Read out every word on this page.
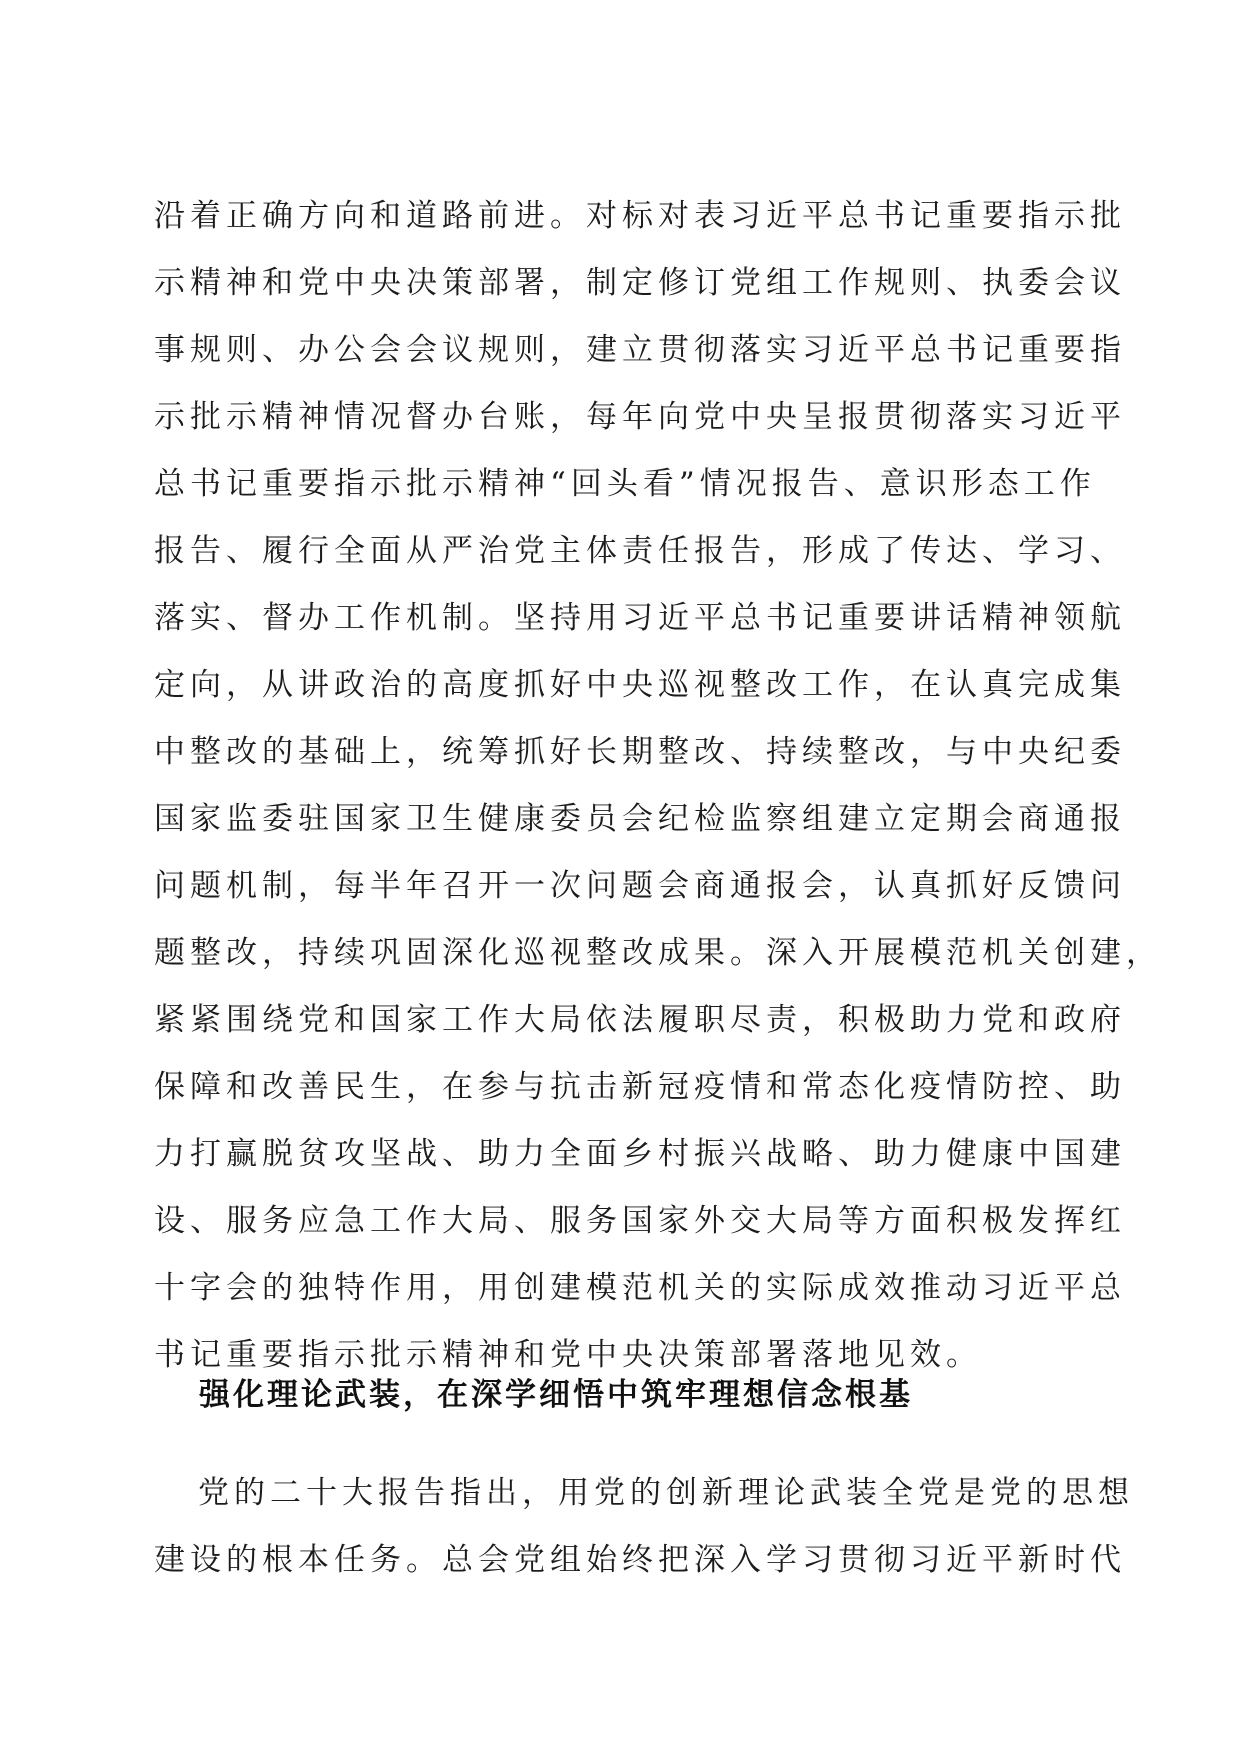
沿着正确方向和道路前进。对标对表习近平总书记重要指示批
示精神和党中央决策部署，制定修订党组工作规则、执委会议
事规则、办公会会议规则，建立贯彻落实习近平总书记重要指
示批示精神情况督办台账，每年向党中央呈报贯彻落实习近平
总书记重要指示批示精神“回头看”情况报告、意识形态工作
报告、履行全面从严治党主体责任报告，形成了传达、学习、
落实、督办工作机制。坚持用习近平总书记重要讲话精神领航
定向，从讲政治的高度抓好中央巡视整改工作，在认真完成集
中整改的基础上，统筹抓好长期整改、持续整改，与中央纪委
国家监委驻国家卫生健康委员会纪检监察组建立定期会商通报
问题机制，每半年召开一次问题会商通报会，认真抓好反馈问
题整改，持续巩固深化巡视整改成果。深入开展模范机关创建，
紧紧围绕党和国家工作大局依法履职尽责，积极助力党和政府
保障和改善民生，在参与抗击新冠疫情和常态化疫情防控、助
力打赢脱贫攻坚战、助力全面乡村振兴战略、助力健康中国建
设、服务应急工作大局、服务国家外交大局等方面积极发挥红
十字会的独特作用，用创建模范机关的实际成效推动习近平总
书记重要指示批示精神和党中央决策部署落地见效。
强化理论武装，在深学细悟中筑牢理想信念根基
党的二十大报告指出，用党的创新理论武装全党是党的思想
建设的根本任务。总会党组始终把深入学习贯彻习近平新时代
